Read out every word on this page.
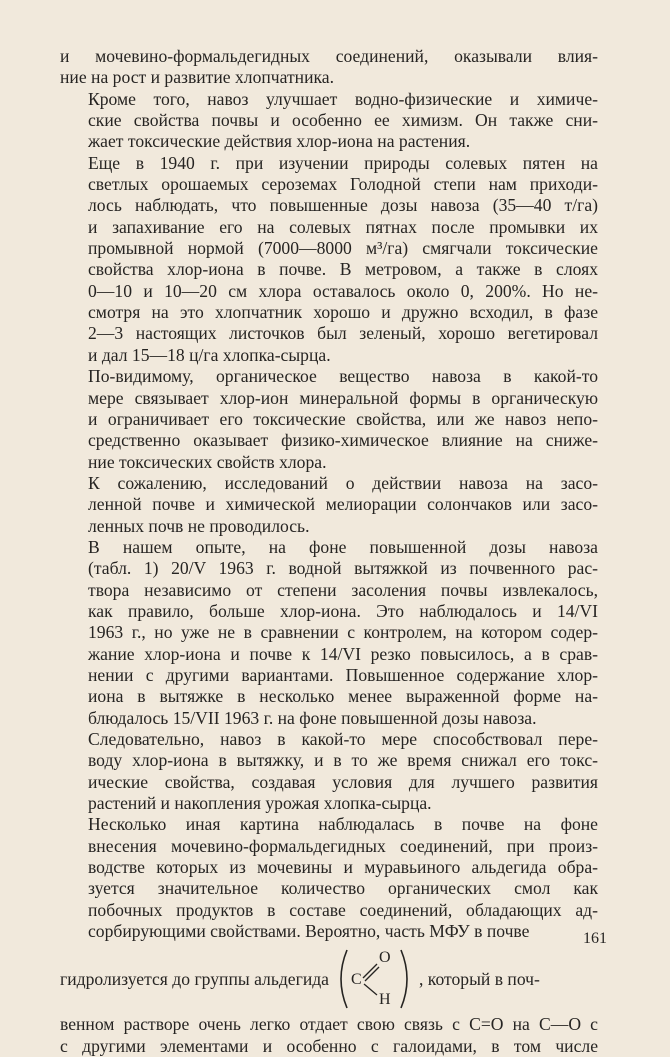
и мочевино-формальдегидных соединений, оказывали влия-
ние на рост и развитие хлопчатника.

Кроме того, навоз улучшает водно-физические и химиче-
ские свойства почвы и особенно ее химизм. Он также сни-
жает токсические действия хлор-иона на растения.

Еще в 1940 г. при изучении природы солевых пятен на
светлых орошаемых сероземах Голодной степи нам приходи-
лось наблюдать, что повышенные дозы навоза (35—40 т/га)
и запахивание его на солевых пятнах после промывки их
промывной нормой (7000—8000 м³/га) смягчали токсические
свойства хлор-иона в почве. В метровом, а также в слоях
0—10 и 10—20 см хлора оставалось около 0, 200%. Но не-
смотря на это хлопчатник хорошо и дружно всходил, в фазе
2—3 настоящих листочков был зеленый, хорошо вегетировал
и дал 15—18 ц/га хлопка-сырца.

По-видимому, органическое вещество навоза в какой-то
мере связывает хлор-ион минеральной формы в органическую
и ограничивает его токсические свойства, или же навоз непо-
средственно оказывает физико-химическое влияние на сниже-
ние токсических свойств хлора.

К сожалению, исследований о действии навоза на засо-
ленной почве и химической мелиорации солончаков или засо-
ленных почв не проводилось.

В нашем опыте, на фоне повышенной дозы навоза
(табл. 1) 20/V 1963 г. водной вытяжкой из почвенного рас-
твора независимо от степени засоления почвы извлекалось,
как правило, больше хлор-иона. Это наблюдалось и 14/VI
1963 г., но уже не в сравнении с контролем, на котором содер-
жание хлор-иона и почве к 14/VI резко повысилось, а в срав-
нении с другими вариантами. Повышенное содержание хлор-
иона в вытяжке в несколько менее выраженной форме на-
блюдалось 15/VII 1963 г. на фоне повышенной дозы навоза.

Следовательно, навоз в какой-то мере способствовал пере-
воду хлор-иона в вытяжку, и в то же время снижал его токс-
ические свойства, создавая условия для лучшего развития
растений и накопления урожая хлопка-сырца.

Несколько иная картина наблюдалась в почве на фоне
внесения мочевино-формальдегидных соединений, при произ-
водстве которых из мочевины и муравьиного альдегида обра-
зуется значительное количество органических смол как
побочных продуктов в составе соединений, обладающих ад-
сорбирующими свойствами. Вероятно, часть МФУ в почве

гидролизуется до группы альдегида C
O
H
, который в поч-

венном растворе очень легко отдает свою связь с C=O на C—O с
с другими элементами и особенно с галоидами, в том числе

161
